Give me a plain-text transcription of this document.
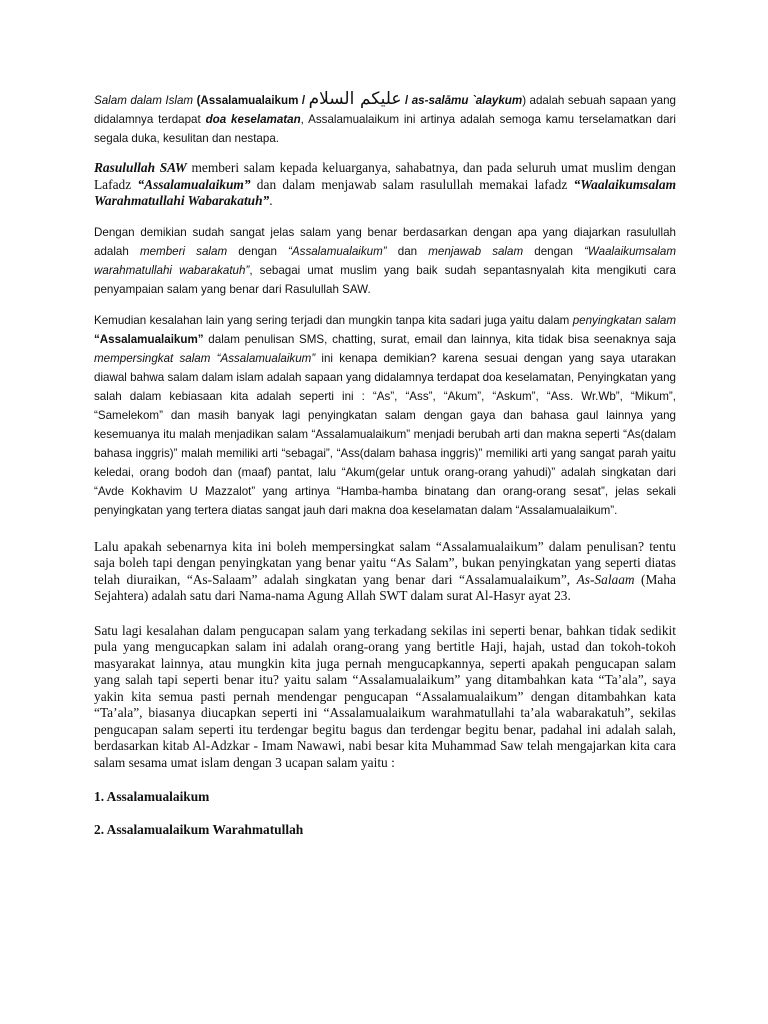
Salam dalam Islam (Assalamualaikum / عليكم السلام / as-salāmu `alaykum) adalah sebuah sapaan yang didalamnya terdapat doa keselamatan, Assalamualaikum ini artinya adalah semoga kamu terselamatkan dari segala duka, kesulitan dan nestapa.

Rasulullah SAW memberi salam kepada keluarganya, sahabatnya, dan pada seluruh umat muslim dengan Lafadz “Assalamualaikum” dan dalam menjawab salam rasulullah memakai lafadz “Waalaikumsalam Warahmatullahi Wabarakatuh”.

Dengan demikian sudah sangat jelas salam yang benar berdasarkan dengan apa yang diajarkan rasulullah adalah memberi salam dengan “Assalamualaikum” dan menjawab salam dengan “Waalaikumsalam warahmatullahi wabarakatuh”, sebagai umat muslim yang baik sudah sepantasnyalah kita mengikuti cara penyampaian salam yang benar dari Rasulullah SAW.

Kemudian kesalahan lain yang sering terjadi dan mungkin tanpa kita sadari juga yaitu dalam penyingkatan salam “Assalamualaikum” dalam penulisan SMS, chatting, surat, email dan lainnya, kita tidak bisa seenaknya saja mempersingkat salam “Assalamualaikum” ini kenapa demikian? karena sesuai dengan yang saya utarakan diawal bahwa salam dalam islam adalah sapaan yang didalamnya terdapat doa keselamatan, Penyingkatan yang salah dalam kebiasaan kita adalah seperti ini : “As”, “Ass”, “Akum”, “Askum”, “Ass. Wr.Wb”, “Mikum”, “Samelekom” dan masih banyak lagi penyingkatan salam dengan gaya dan bahasa gaul lainnya yang kesemuanya itu malah menjadikan salam “Assalamualaikum” menjadi berubah arti dan makna seperti “As(dalam bahasa inggris)” malah memiliki arti “sebagai”, “Ass(dalam bahasa inggris)” memiliki arti yang sangat parah yaitu keledai, orang bodoh dan (maaf) pantat, lalu “Akum(gelar untuk orang-orang yahudi)” adalah singkatan dari “Avde Kokhavim U Mazzalot” yang artinya “Hamba-hamba binatang dan orang-orang sesat”, jelas sekali penyingkatan yang tertera diatas sangat jauh dari makna doa keselamatan dalam “Assalamualaikum”.

Lalu apakah sebenarnya kita ini boleh mempersingkat salam “Assalamualaikum” dalam penulisan? tentu saja boleh tapi dengan penyingkatan yang benar yaitu “As Salam”, bukan penyingkatan yang seperti diatas telah diuraikan, “As-Salaam” adalah singkatan yang benar dari “Assalamualaikum”, As-Salaam (Maha Sejahtera) adalah satu dari Nama-nama Agung Allah SWT dalam surat Al-Hasyr ayat 23.

Satu lagi kesalahan dalam pengucapan salam yang terkadang sekilas ini seperti benar, bahkan tidak sedikit pula yang mengucapkan salam ini adalah orang-orang yang bertitle Haji, hajah, ustad dan tokoh-tokoh masyarakat lainnya, atau mungkin kita juga pernah mengucapkannya, seperti apakah pengucapan salam yang salah tapi seperti benar itu? yaitu salam “Assalamualaikum” yang ditambahkan kata “Ta’ala”, saya yakin kita semua pasti pernah mendengar pengucapan “Assalamualaikum” dengan ditambahkan kata “Ta’ala”, biasanya diucapkan seperti ini “Assalamualaikum warahmatullahi ta’ala wabarakatuh”, sekilas pengucapan salam seperti itu terdengar begitu bagus dan terdengar begitu benar, padahal ini adalah salah, berdasarkan kitab Al-Adzkar - Imam Nawawi, nabi besar kita Muhammad Saw telah mengajarkan kita cara salam sesama umat islam dengan 3 ucapan salam yaitu :

1. Assalamualaikum
2. Assalamualaikum Warahmatullah
